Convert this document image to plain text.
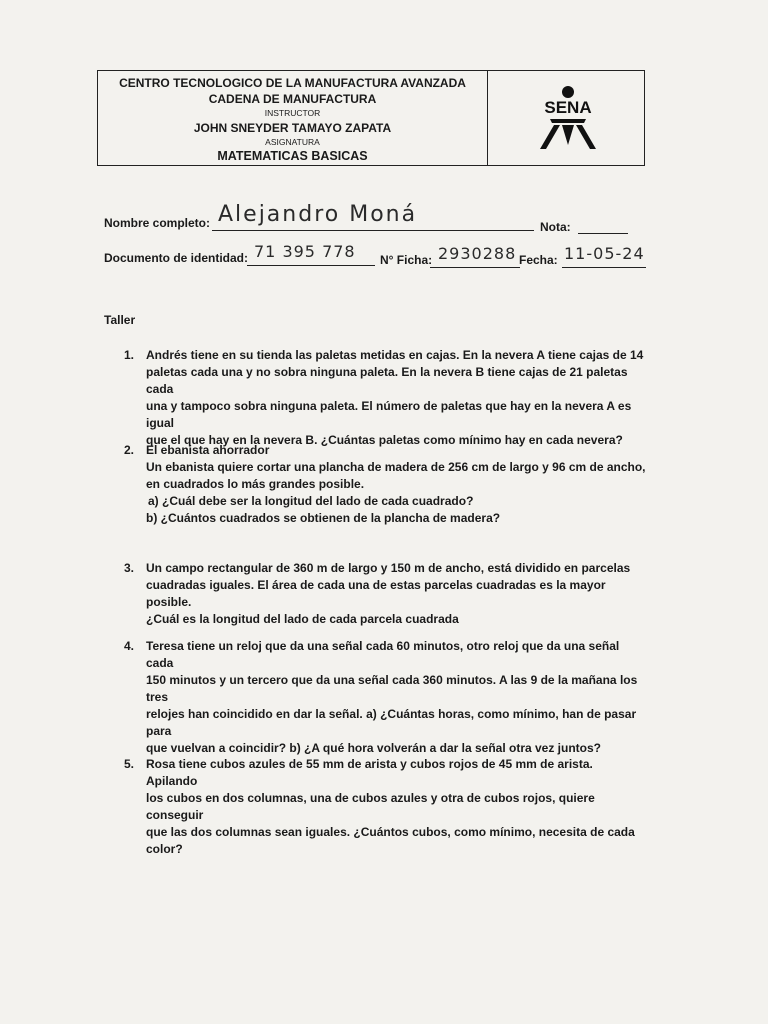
CENTRO TECNOLOGICO DE LA MANUFACTURA AVANZADA
CADENA DE MANUFACTURA
INSTRUCTOR
JOHN SNEYDER TAMAYO ZAPATA
ASIGNATURA
MATEMATICAS BASICAS
SENA
Nombre completo: Alejandro Moná	Nota:
Documento de identidad: 71 395 778 N° Ficha: 2930288 Fecha: 11-05-24
Taller
1. Andrés tiene en su tienda las paletas metidas en cajas. En la nevera A tiene cajas de 14

paletas cada una y no sobra ninguna paleta. En la nevera B tiene cajas de 21 paletas cada

una y tampoco sobra ninguna paleta. El número de paletas que hay en la nevera A es igual

que el que hay en la nevera B. ¿Cuántas paletas como mínimo hay en cada nevera?

2. El ebanista ahorrador

Un ebanista quiere cortar una plancha de madera de 256 cm de largo y 96 cm de ancho,

en cuadrados lo más grandes posible.

a) ¿Cuál debe ser la longitud del lado de cada cuadrado?

b) ¿Cuántos cuadrados se obtienen de la plancha de madera?

3. Un campo rectangular de 360 m de largo y 150 m de ancho, está dividido en parcelas

cuadradas iguales. El área de cada una de estas parcelas cuadradas es la mayor posible.

¿Cuál es la longitud del lado de cada parcela cuadrada

4. Teresa tiene un reloj que da una señal cada 60 minutos, otro reloj que da una señal cada

150 minutos y un tercero que da una señal cada 360 minutos. A las 9 de la mañana los tres

relojes han coincidido en dar la señal. a) ¿Cuántas horas, como mínimo, han de pasar para

que vuelvan a coincidir? b) ¿A qué hora volverán a dar la señal otra vez juntos?

5. Rosa tiene cubos azules de 55 mm de arista y cubos rojos de 45 mm de arista. Apilando

los cubos en dos columnas, una de cubos azules y otra de cubos rojos, quiere conseguir

que las dos columnas sean iguales. ¿Cuántos cubos, como mínimo, necesita de cada color?
